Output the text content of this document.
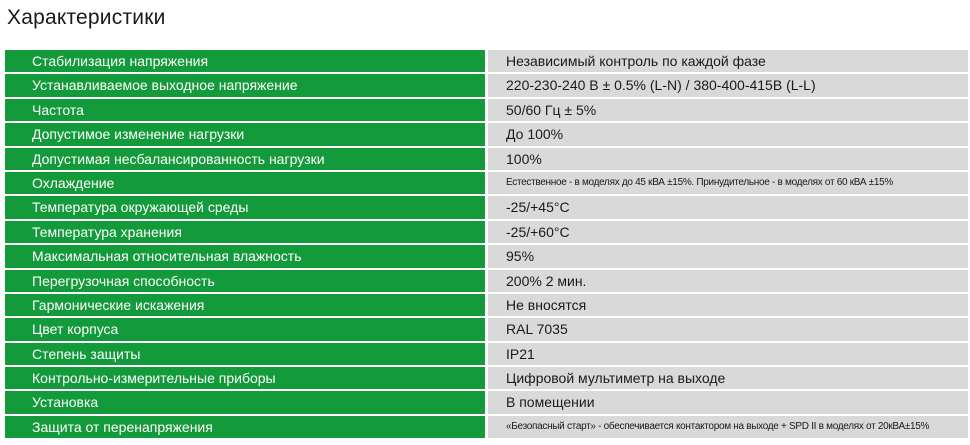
Характеристики
Стабилизация напряжения	Независимый контроль по каждой фазе
Устанавливаемое выходное напряжение	220-230-240 В ± 0.5% (L-N) / 380-400-415В (L-L)
Частота	50/60 Гц ± 5%
Допустимое изменение нагрузки	До 100%
Допустимая несбалансированность нагрузки	100%
Охлаждение	Естественное - в моделях до 45 кВА ±15%. Принудительное - в моделях от 60 кВА ±15%
Температура окружающей среды	-25/+45°C
Температура хранения	-25/+60°C
Максимальная относительная влажность	95%
Перегрузочная способность	200% 2 мин.
Гармонические искажения	Не вносятся
Цвет корпуса	RAL 7035
Степень защиты	IP21
Контрольно-измерительные приборы	Цифровой мультиметр на выходе
Установка	В помещении
Защита от перенапряжения	«Безопасный старт» - обеспечивается контактором на выходе + SPD II в моделях от 20кВА±15%
